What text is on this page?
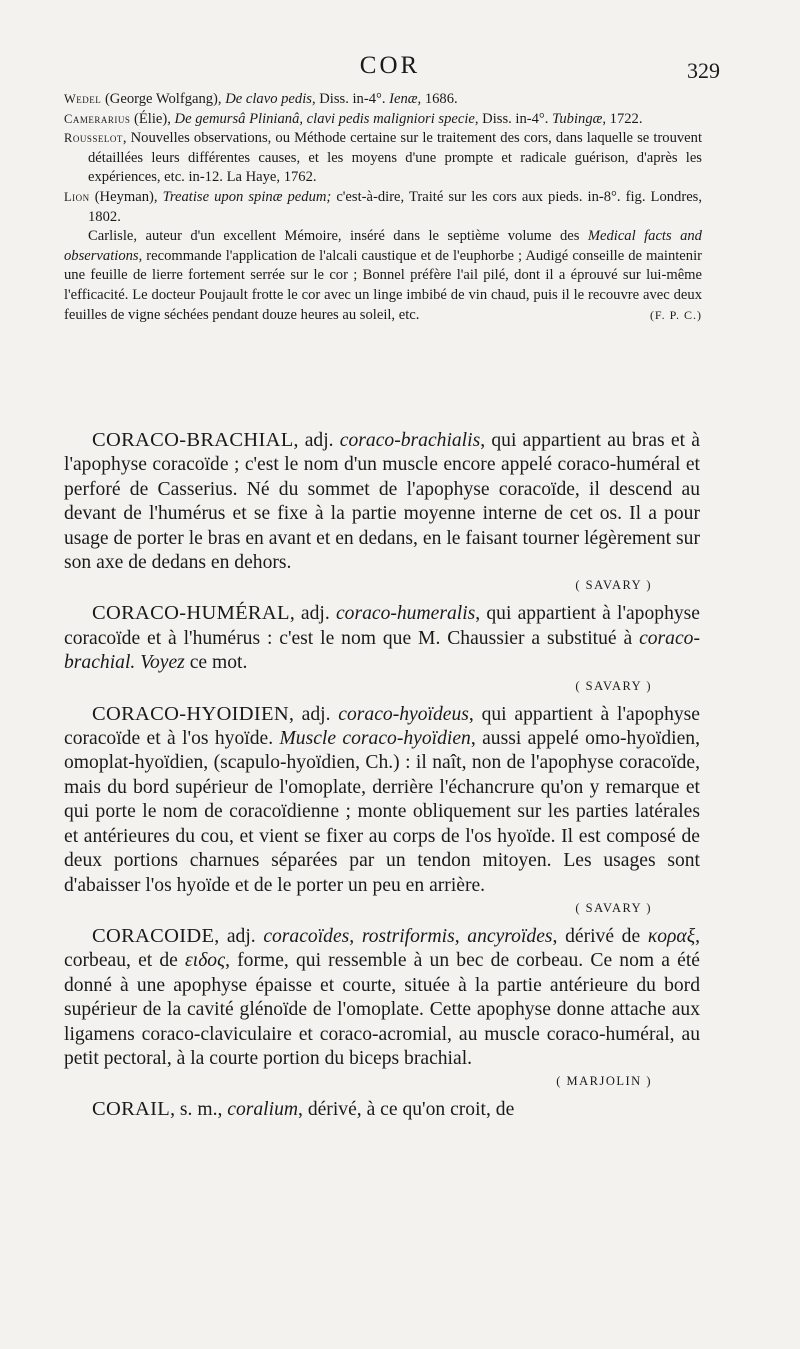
COR	329

Wedel (George Wolfgang), De clavo pedis, Diss. in-4°. Ienæ, 1686.

Camerarius (Élie), De gemursâ Plinianâ, clavi pedis maligniori specie, Diss. in-4°. Tubingæ, 1722.

Rousselot, Nouvelles observations, ou Méthode certaine sur le traitement des cors, dans laquelle se trouvent détaillées leurs différentes causes, et les moyens d'une prompte et radicale guérison, d'après les expériences, etc. in-12. La Haye, 1762.

Lion (Heyman), Treatise upon spinæ pedum; c'est-à-dire, Traité sur les cors aux pieds. in-8°. fig. Londres, 1802.

Carlisle, auteur d'un excellent Mémoire, inséré dans le septième volume des Medical facts and observations, recommande l'application de l'alcali caustique et de l'euphorbe ; Audigé conseille de maintenir une feuille de lierre fortement serrée sur le cor ; Bonnel préfère l'ail pilé, dont il a éprouvé sur lui-même l'efficacité. Le docteur Poujault frotte le cor avec un linge imbibé de vin chaud, puis il le recouvre avec deux feuilles de vigne séchées pendant douze heures au soleil, etc.	(F. P. C.)

CORACO-BRACHIAL, adj. coraco-brachialis, qui appartient au bras et à l'apophyse coracoïde ; c'est le nom d'un muscle encore appelé coraco-huméral et perforé de Casserius. Né du sommet de l'apophyse coracoïde, il descend au devant de l'humérus et se fixe à la partie moyenne interne de cet os. Il a pour usage de porter le bras en avant et en dedans, en le faisant tourner légèrement sur son axe de dedans en dehors.

( SAVARY )

CORACO-HUMÉRAL, adj. coraco-humeralis, qui appartient à l'apophyse coracoïde et à l'humérus : c'est le nom que M. Chaussier a substitué à coraco-brachial. Voyez ce mot.

( SAVARY )

CORACO-HYOIDIEN, adj. coraco-hyoïdeus, qui appartient à l'apophyse coracoïde et à l'os hyoïde. Muscle coraco-hyoïdien, aussi appelé omo-hyoïdien, omoplat-hyoïdien, (scapulo-hyoïdien, Ch.) : il naît, non de l'apophyse coracoïde, mais du bord supérieur de l'omoplate, derrière l'échancrure qu'on y remarque et qui porte le nom de coracoïdienne ; monte obliquement sur les parties latérales et antérieures du cou, et vient se fixer au corps de l'os hyoïde. Il est composé de deux portions charnues séparées par un tendon mitoyen. Les usages sont d'abaisser l'os hyoïde et de le porter un peu en arrière.

( SAVARY )

CORACOIDE, adj. coracoïdes, rostriformis, ancyroïdes, dérivé de κοραξ, corbeau, et de ειδος, forme, qui ressemble à un bec de corbeau. Ce nom a été donné à une apophyse épaisse et courte, située à la partie antérieure du bord supérieur de la cavité glénoïde de l'omoplate. Cette apophyse donne attache aux ligamens coraco-claviculaire et coraco-acromial, au muscle coraco-huméral, au petit pectoral, à la courte portion du biceps brachial.

( MARJOLIN )

CORAIL, s. m., coralium, dérivé, à ce qu'on croit, de
